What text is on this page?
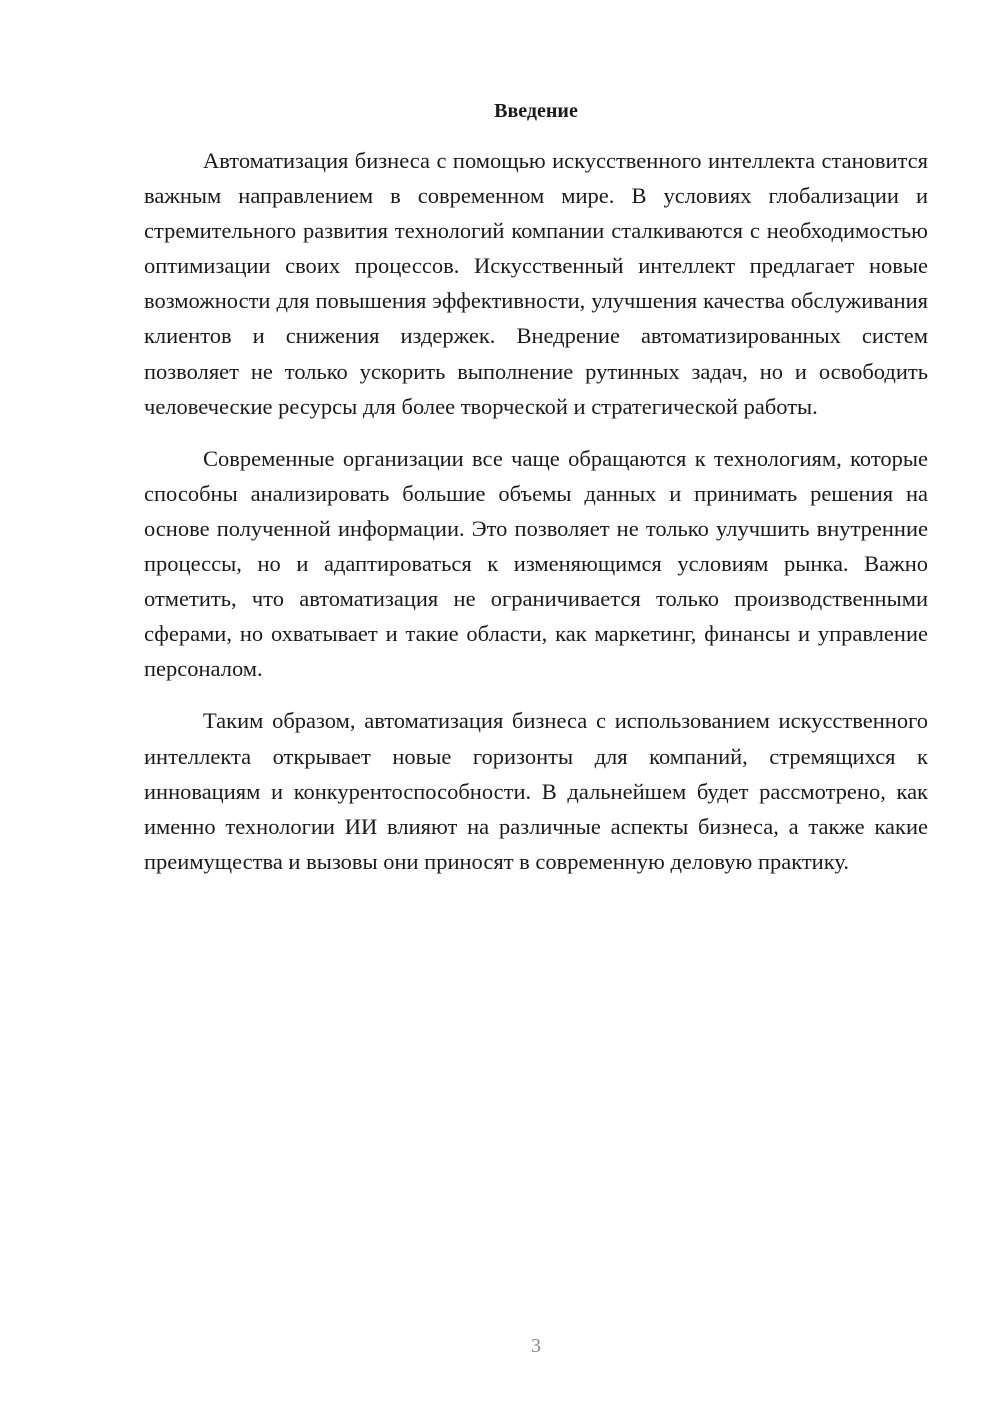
Введение

Автоматизация бизнеса с помощью искусственного интеллекта становится важным направлением в современном мире. В условиях глобализации и стремительного развития технологий компании сталкиваются с необходимостью оптимизации своих процессов. Искусственный интеллект предлагает новые возможности для повышения эффективности, улучшения качества обслуживания клиентов и снижения издержек. Внедрение автоматизированных систем позволяет не только ускорить выполнение рутинных задач, но и освободить человеческие ресурсы для более творческой и стратегической работы.

Современные организации все чаще обращаются к технологиям, которые способны анализировать большие объемы данных и принимать решения на основе полученной информации. Это позволяет не только улучшить внутренние процессы, но и адаптироваться к изменяющимся условиям рынка. Важно отметить, что автоматизация не ограничивается только производственными сферами, но охватывает и такие области, как маркетинг, финансы и управление персоналом.

Таким образом, автоматизация бизнеса с использованием искусственного интеллекта открывает новые горизонты для компаний, стремящихся к инновациям и конкурентоспособности. В дальнейшем будет рассмотрено, как именно технологии ИИ влияют на различные аспекты бизнеса, а также какие преимущества и вызовы они приносят в современную деловую практику.

3
